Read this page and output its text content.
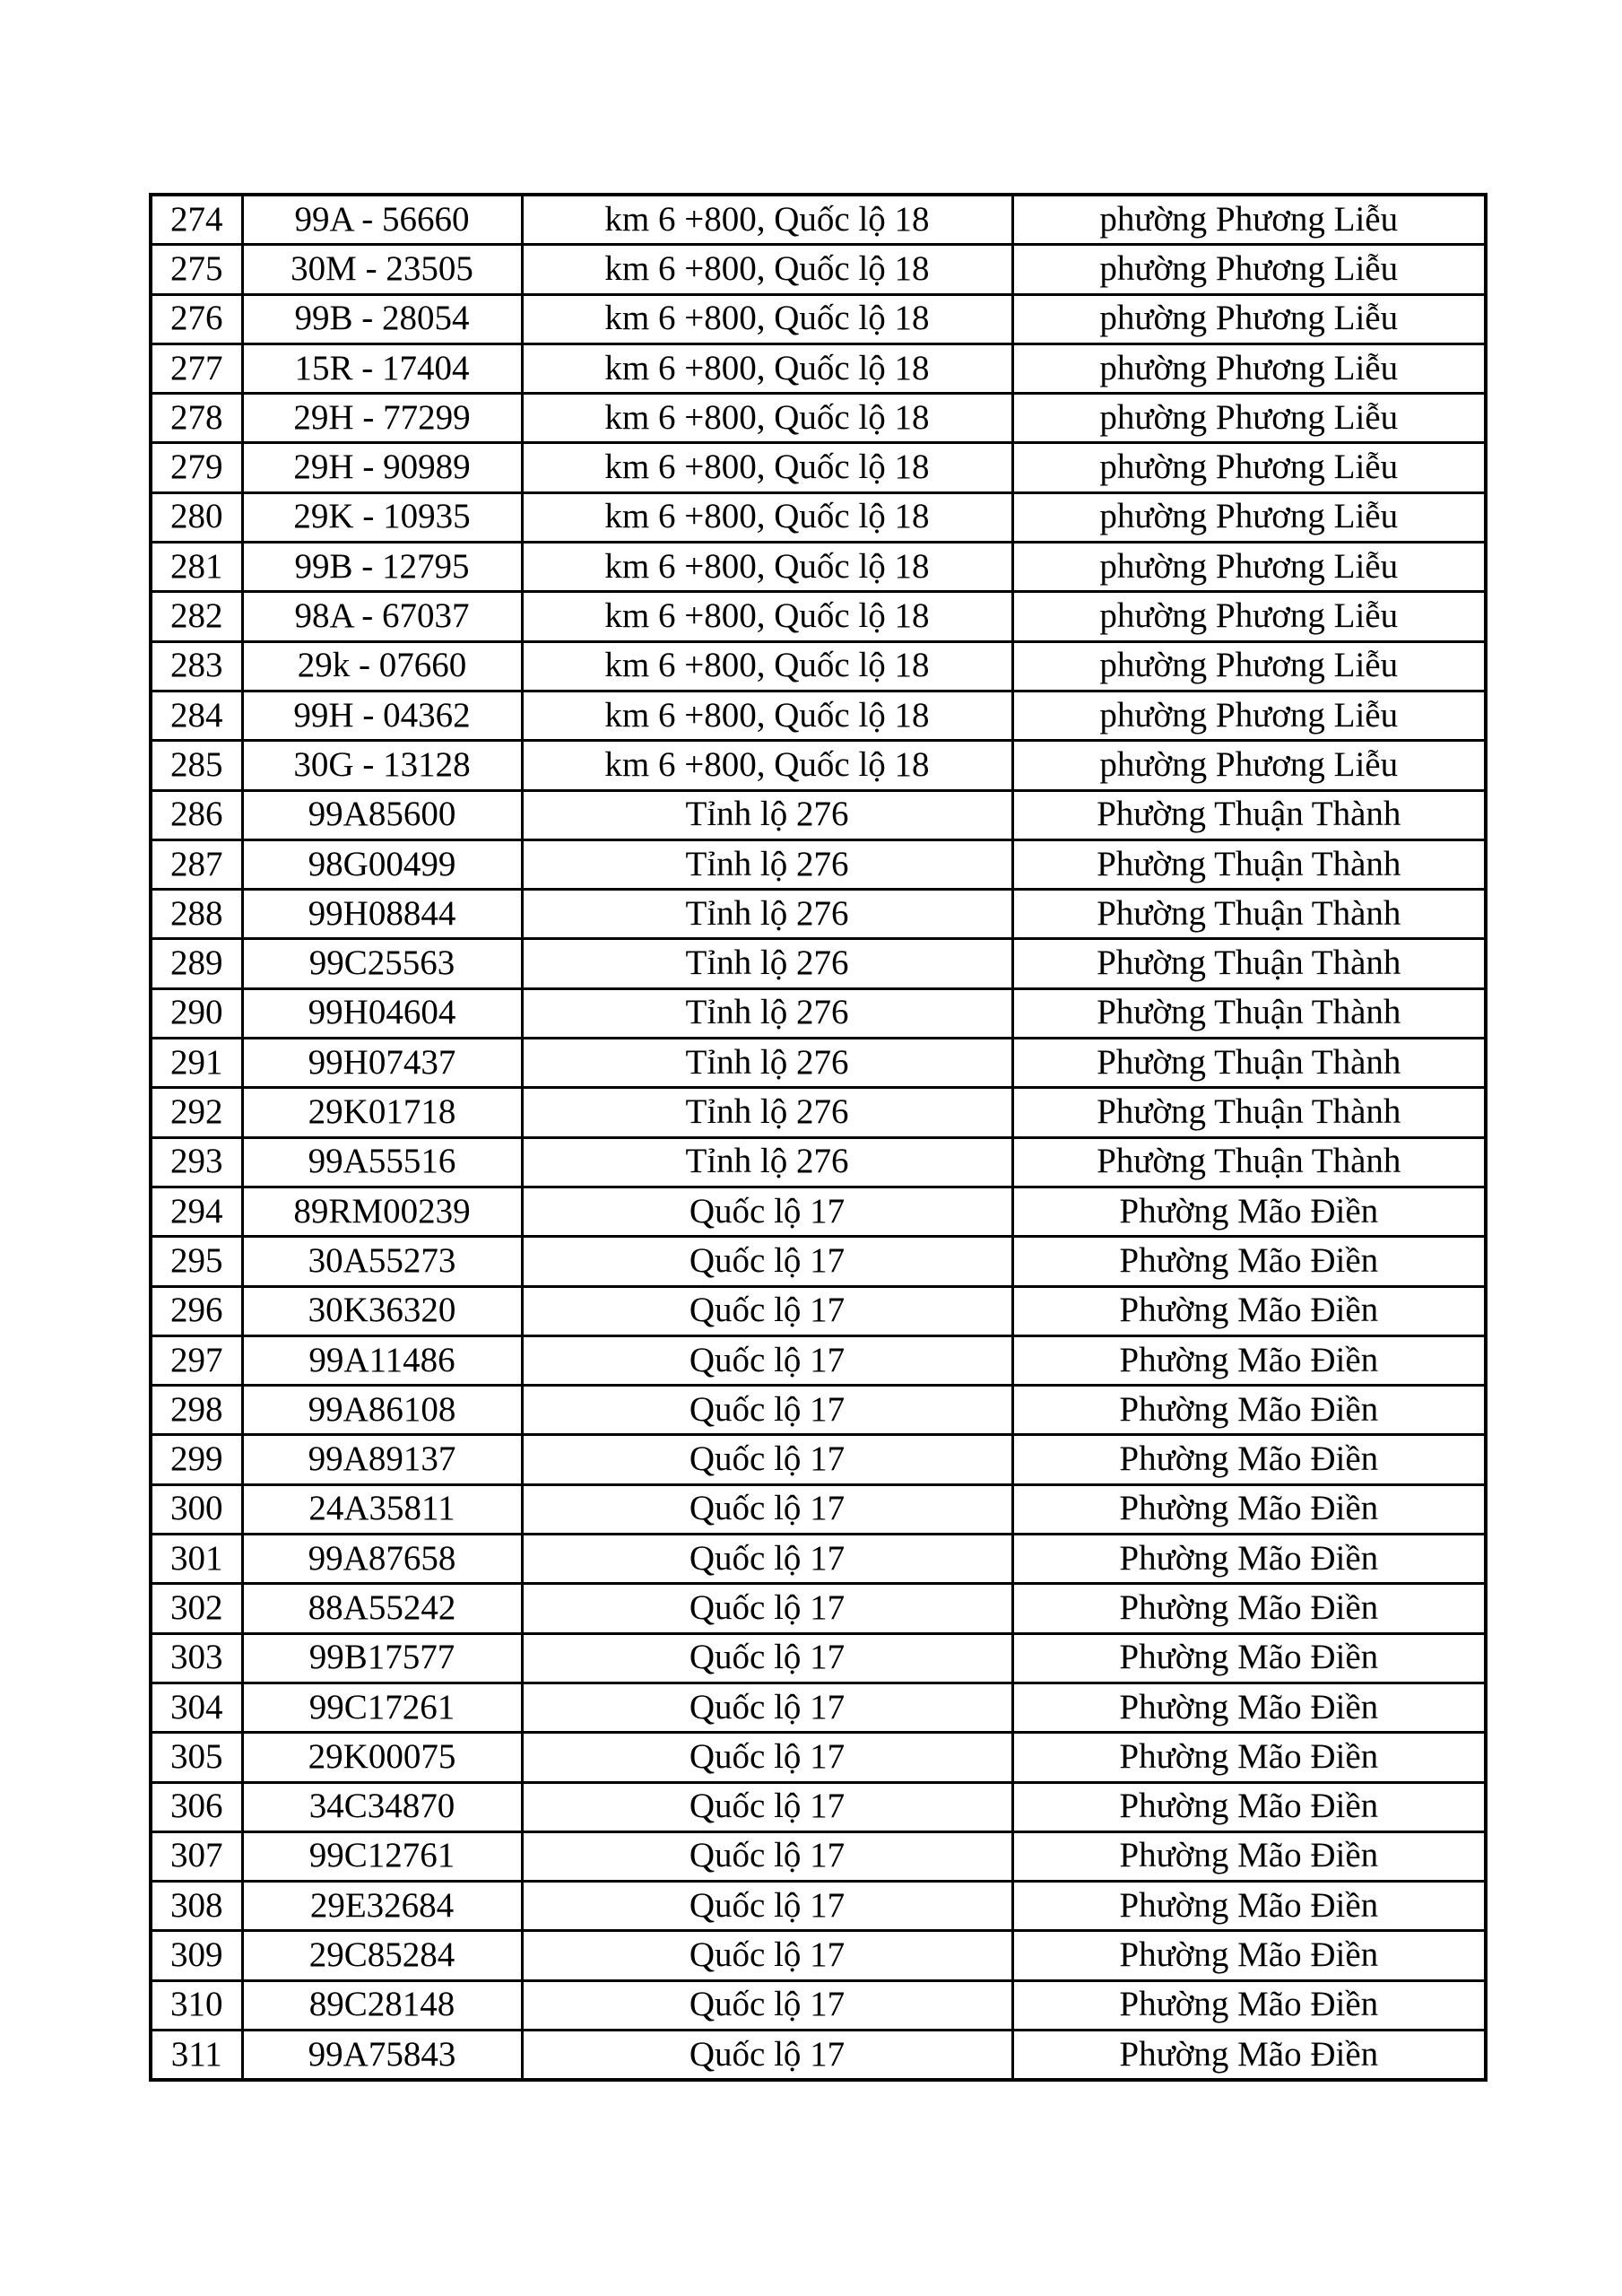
274	99A - 56660	km 6 +800, Quốc lộ 18	phường Phương Liễu
275	30M - 23505	km 6 +800, Quốc lộ 18	phường Phương Liễu
276	99B - 28054	km 6 +800, Quốc lộ 18	phường Phương Liễu
277	15R - 17404	km 6 +800, Quốc lộ 18	phường Phương Liễu
278	29H - 77299	km 6 +800, Quốc lộ 18	phường Phương Liễu
279	29H - 90989	km 6 +800, Quốc lộ 18	phường Phương Liễu
280	29K - 10935	km 6 +800, Quốc lộ 18	phường Phương Liễu
281	99B - 12795	km 6 +800, Quốc lộ 18	phường Phương Liễu
282	98A - 67037	km 6 +800, Quốc lộ 18	phường Phương Liễu
283	29k - 07660	km 6 +800, Quốc lộ 18	phường Phương Liễu
284	99H - 04362	km 6 +800, Quốc lộ 18	phường Phương Liễu
285	30G - 13128	km 6 +800, Quốc lộ 18	phường Phương Liễu
286	99A85600	Tỉnh lộ 276	Phường Thuận Thành
287	98G00499	Tỉnh lộ 276	Phường Thuận Thành
288	99H08844	Tỉnh lộ 276	Phường Thuận Thành
289	99C25563	Tỉnh lộ 276	Phường Thuận Thành
290	99H04604	Tỉnh lộ 276	Phường Thuận Thành
291	99H07437	Tỉnh lộ 276	Phường Thuận Thành
292	29K01718	Tỉnh lộ 276	Phường Thuận Thành
293	99A55516	Tỉnh lộ 276	Phường Thuận Thành
294	89RM00239	Quốc lộ 17	Phường Mão Điền
295	30A55273	Quốc lộ 17	Phường Mão Điền
296	30K36320	Quốc lộ 17	Phường Mão Điền
297	99A11486	Quốc lộ 17	Phường Mão Điền
298	99A86108	Quốc lộ 17	Phường Mão Điền
299	99A89137	Quốc lộ 17	Phường Mão Điền
300	24A35811	Quốc lộ 17	Phường Mão Điền
301	99A87658	Quốc lộ 17	Phường Mão Điền
302	88A55242	Quốc lộ 17	Phường Mão Điền
303	99B17577	Quốc lộ 17	Phường Mão Điền
304	99C17261	Quốc lộ 17	Phường Mão Điền
305	29K00075	Quốc lộ 17	Phường Mão Điền
306	34C34870	Quốc lộ 17	Phường Mão Điền
307	99C12761	Quốc lộ 17	Phường Mão Điền
308	29E32684	Quốc lộ 17	Phường Mão Điền
309	29C85284	Quốc lộ 17	Phường Mão Điền
310	89C28148	Quốc lộ 17	Phường Mão Điền
311	99A75843	Quốc lộ 17	Phường Mão Điền
